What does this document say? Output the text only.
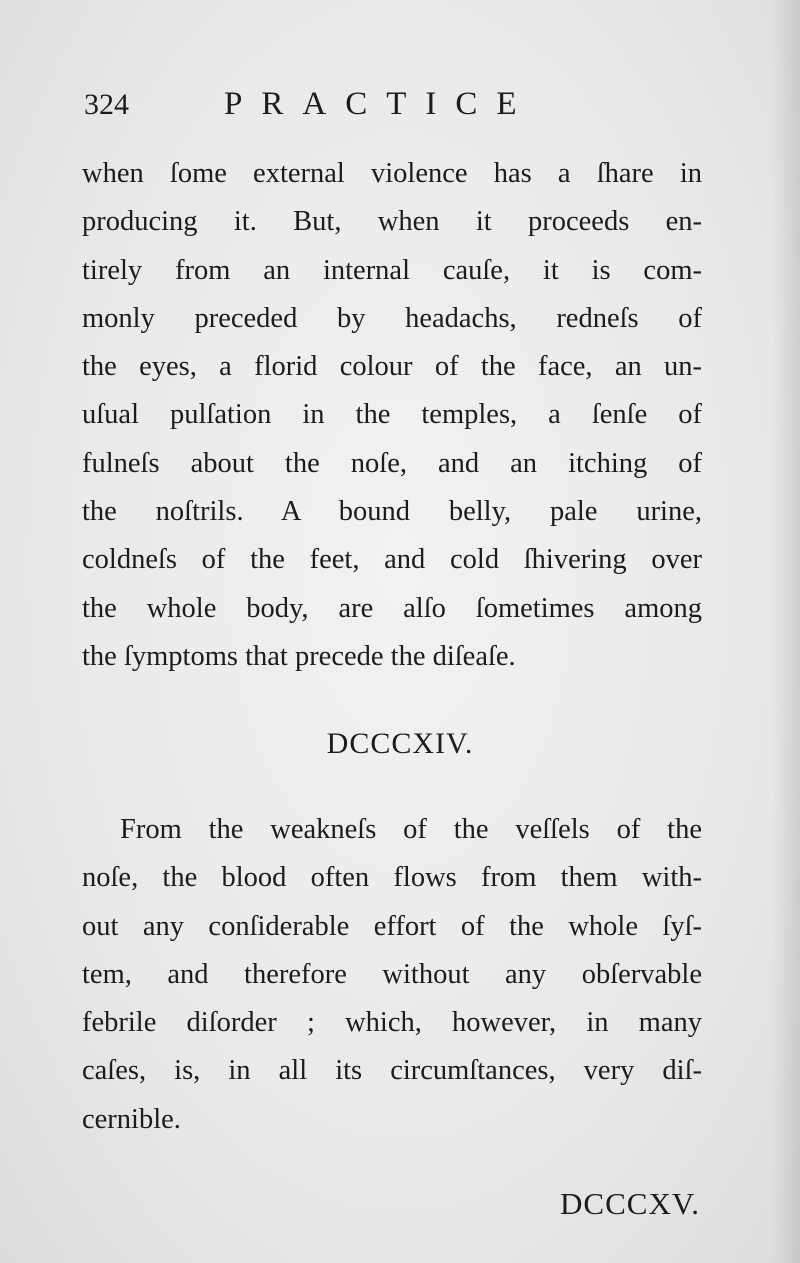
324	PRACTICE

when ſome external violence has a ſhare in
producing it. But, when it proceeds en-
tirely from an internal cauſe, it is com-
monly preceded by headachs, redneſs of
the eyes, a florid colour of the face, an un-
uſual pulſation in the temples, a ſenſe of
fulneſs about the noſe, and an itching of
the noſtrils. A bound belly, pale urine,
coldneſs of the feet, and cold ſhivering over
the whole body, are alſo ſometimes among
the ſymptoms that precede the diſeaſe.

DCCCXIV.

From the weakneſs of the veſſels of the
noſe, the blood often flows from them with-
out any conſiderable effort of the whole ſyſ-
tem, and therefore without any obſervable
febrile diſorder ; which, however, in many
caſes, is, in all its circumſtances, very diſ-
cernible.

DCCCXV.
